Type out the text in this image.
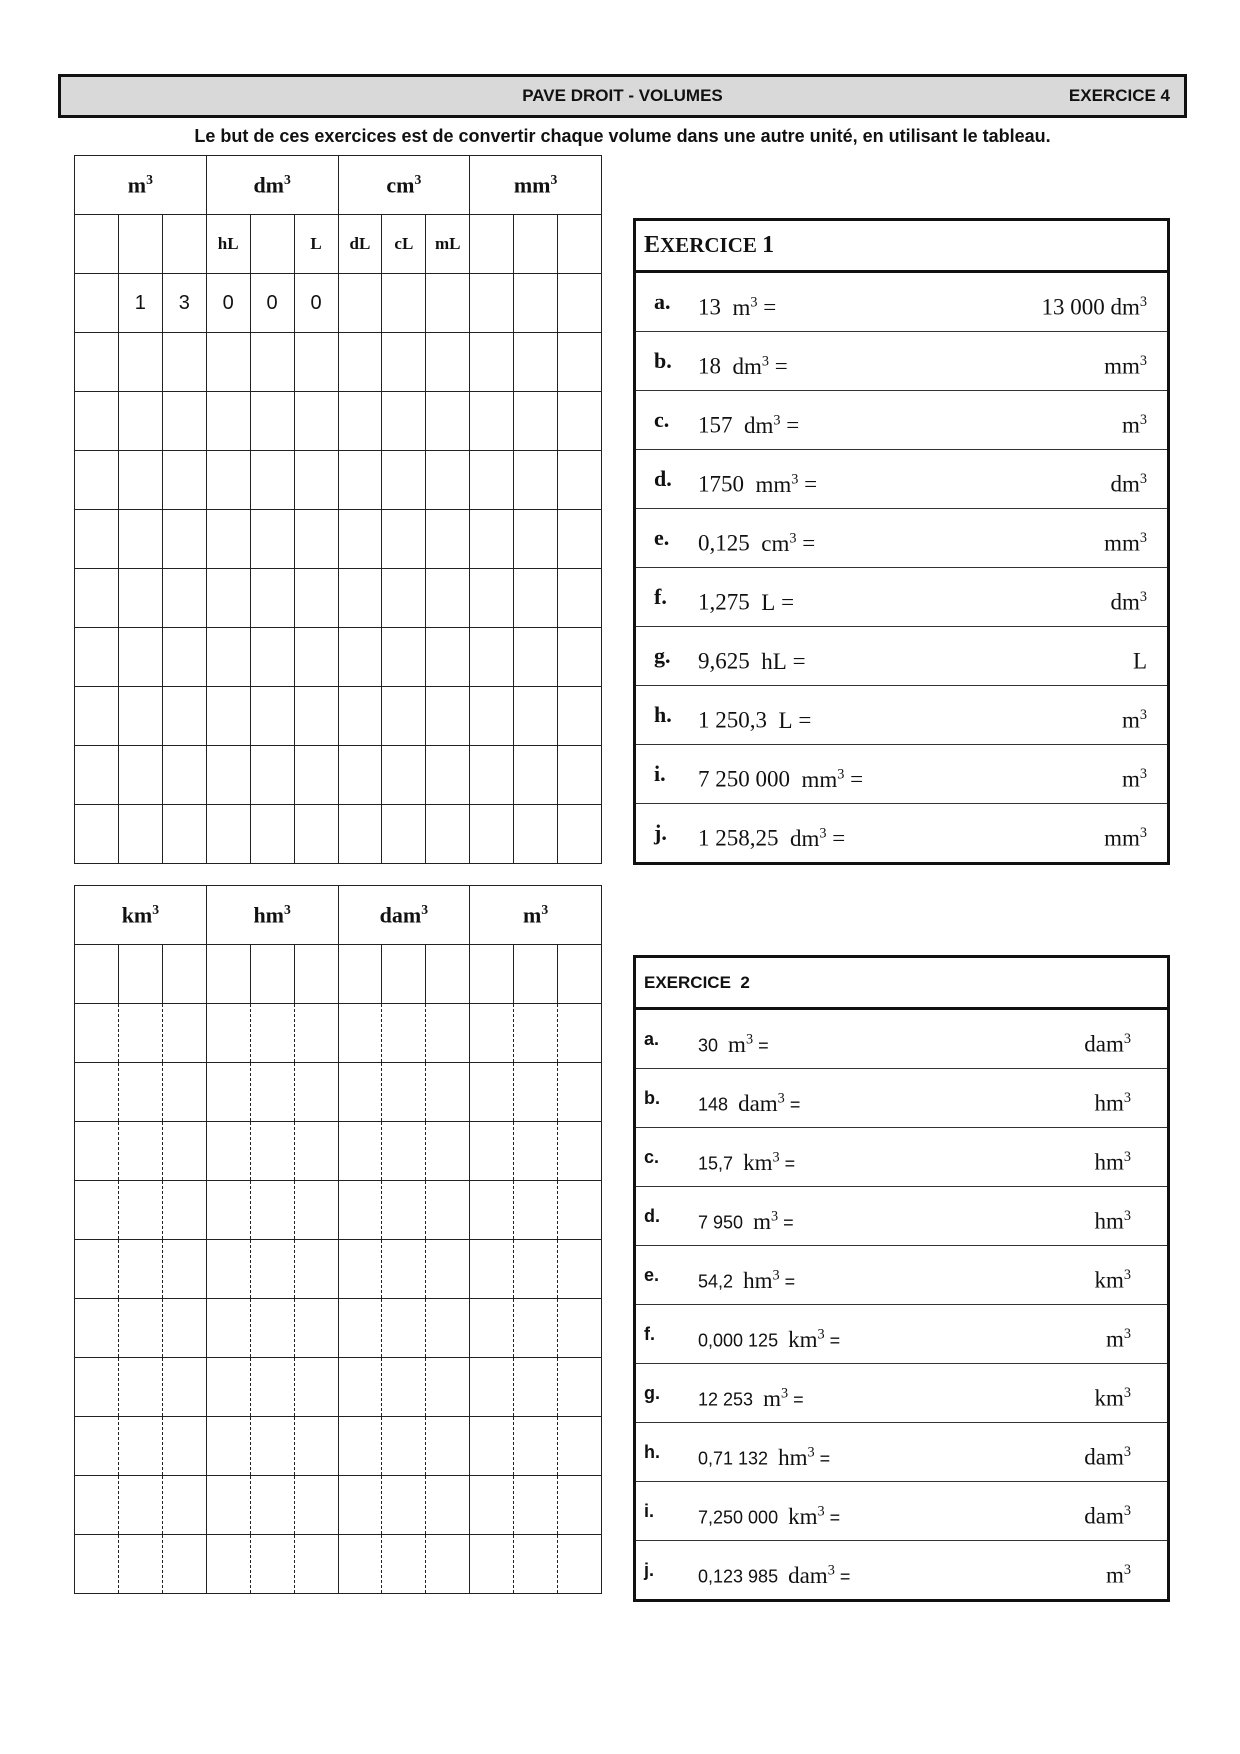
PAVE DROIT - VOLUMES	EXERCICE 4
Le but de ces exercices est de convertir chaque volume dans une autre unité, en utilisant le tableau.
$m^3$			$dm^3$			$cm^3$			$mm^3$
			hL		L	dL	cL	mL			
	1	3	0	0	0						

$km^3$			$hm^3$			dam$^3$			$m^3$

E XERCICE
1
a. 13 $m^3$ =	13 000 $dm^3$
b. 18 $dm^3$ =	$mm^3$
c. 157 $dm^3$ =	$m^3$
d. 1750 $mm^3$ =	$dm^3$
e. 0,125 $cm^3$ =	$mm^3$
f. 1,275 L =	$dm^3$
g. 9,625 hL =	L
h. 1 250,3 L =	$m^3$
i. 7 250 000 $mm^3$ =	$m^3$
j. 1 258,25 $dm^3$ =	$mm^3$
EXERCICE
2
a. 30 $m^3$ =	dam$^3$
b. 148 dam$^3$ =	$hm^3$
c. 15,7 $km^3$ =	$hm^3$
d. 7 950 $m^3$ =	$hm^3$
e. 54,2 $hm^3$ =	$km^3$
f. 0,000 125 $km^3$ =	$m^3$
g. 12 253 $m^3$ =	$km^3$
h. 0,71 132 $hm^3$ =	dam$^3$
i. 7,250 000 $km^3$ =	dam$^3$
j. 0,123 985 dam$^3$ =	$m^3$
